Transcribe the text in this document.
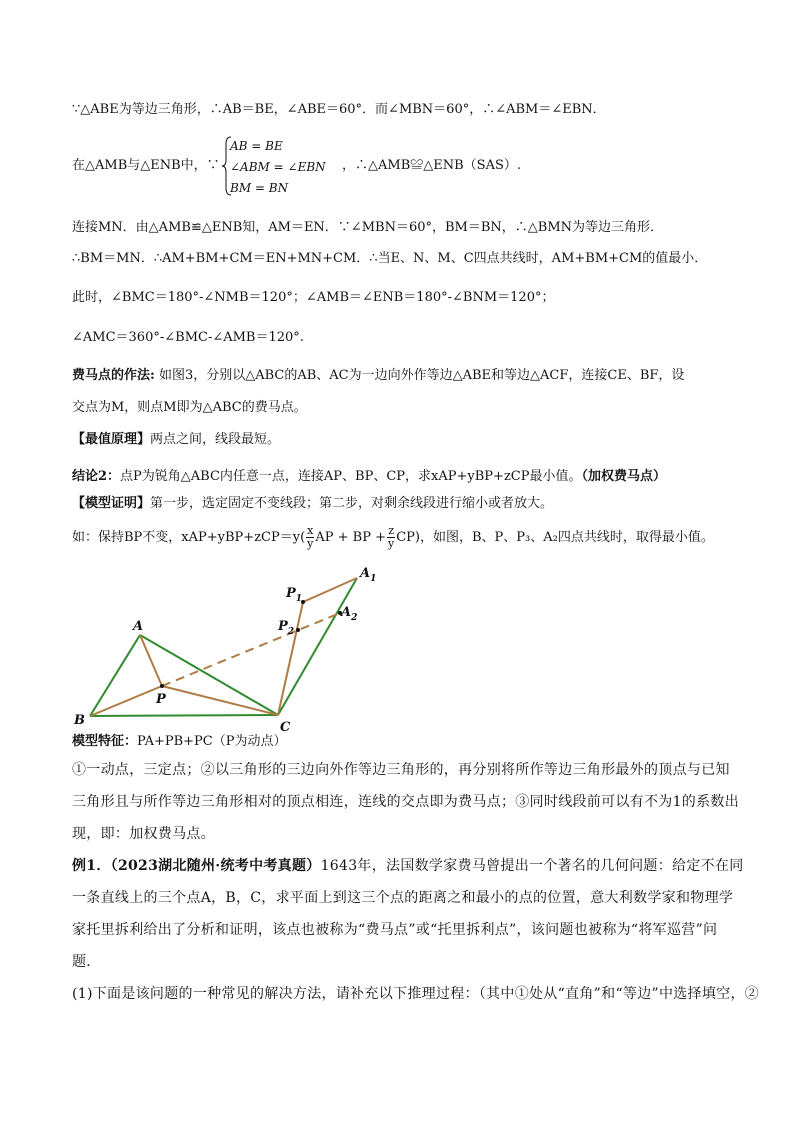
∵△ABE为等边三角形，∴AB＝BE，∠ABE＝60°．而∠MBN＝60°，∴∠ABM＝∠EBN．
在△AMB与△ENB中，∵
AB = BE
∠ABM = ∠EBN
BM = BN
，∴△AMB≌△ENB（SAS）.
连接MN．由△AMB≌△ENB知，AM＝EN．∵∠MBN＝60°，BM＝BN，∴△BMN为等边三角形．
∴BM＝MN．∴AM+BM+CM＝EN+MN+CM．∴当E、N、M、C四点共线时，AM+BM+CM的值最小．
此时，∠BMC＝180°-∠NMB＝120°；∠AMB＝∠ENB＝180°-∠BNM＝120°；
∠AMC＝360°-∠BMC-∠AMB＝120°.
费马点的作法: 如图3，分别以△ABC的AB、AC为一边向外作等边△ABE和等边△ACF，连接CE、BF，设
交点为M，则点M即为△ABC的费马点。
【最值原理】两点之间，线段最短。
结论2：点P为锐角△ABC内任意一点，连接AP、BP、CP，求xAP+yBP+zCP最小值。（加权费马点）
【模型证明】第一步，选定固定不变线段；第二步，对剩余线段进行缩小或者放大。
如：保持BP不变，$xAP+yBP+zCP=y( \frac{x}{y}$ AP + BP + $\frac{z}{y} CP$)，如图，B、P、P₃、A₂四点共线时，取得最小值。
A
B	C
P
$P_1$
$P_2$
$A_1$
$A_2$
模型特征：PA+PB+PC（P为动点）
①一动点，三定点；②以三角形的三边向外作等边三角形的，再分别将所作等边三角形最外的顶点与已知
三角形且与所作等边三角形相对的顶点相连，连线的交点即为费马点；③同时线段前可以有不为1的系数出
现，即：加权费马点。
例1．（2023湖北随州·统考中考真题）1643年，法国数学家费马曾提出一个著名的几何问题：给定不在同
一条直线上的三个点A，B，C，求平面上到这三个点的距离之和最小的点的位置，意大利数学家和物理学
家托里拆利给出了分析和证明，该点也被称为“费马点”或“托里拆利点”，该问题也被称为“将军巡营”问
题．
(1)下面是该问题的一种常见的解决方法，请补充以下推理过程：（其中①处从“直角”和“等边”中选择填空，②
